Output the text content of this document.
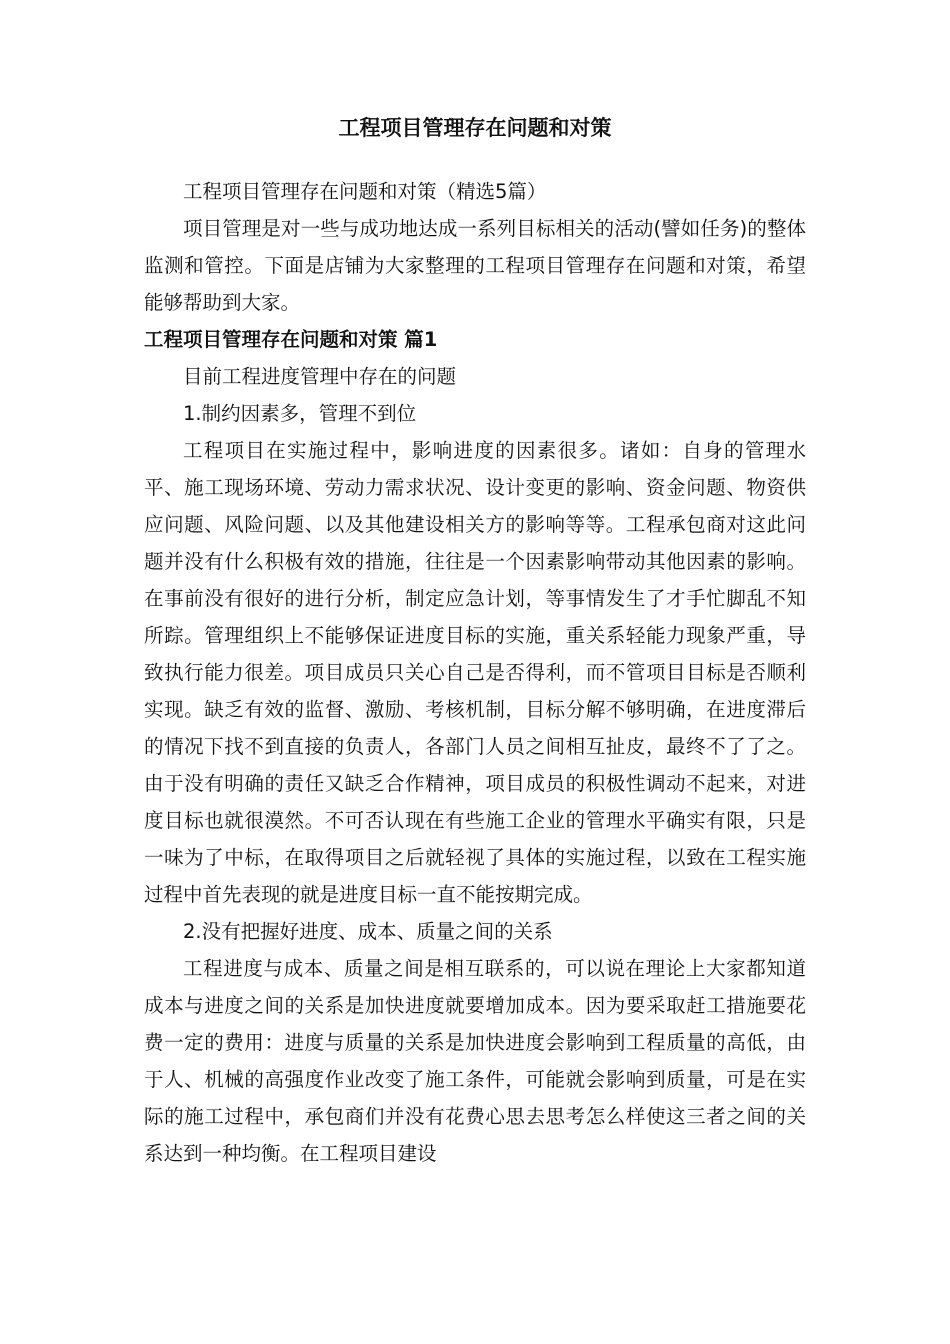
工程项目管理存在问题和对策

工程项目管理存在问题和对策（精选5篇）

项目管理是对一些与成功地达成一系列目标相关的活动(譬如任务)的整体监测和管控。下面是店铺为大家整理的工程项目管理存在问题和对策，希望能够帮助到大家。

工程项目管理存在问题和对策 篇1

目前工程进度管理中存在的问题

1.制约因素多，管理不到位

工程项目在实施过程中，影响进度的因素很多。诸如：自身的管理水平、施工现场环境、劳动力需求状况、设计变更的影响、资金问题、物资供应问题、风险问题、以及其他建设相关方的影响等等。工程承包商对这此问题并没有什么积极有效的措施，往往是一个因素影响带动其他因素的影响。在事前没有很好的进行分析，制定应急计划，等事情发生了才手忙脚乱不知所踪。管理组织上不能够保证进度目标的实施，重关系轻能力现象严重，导致执行能力很差。项目成员只关心自己是否得利，而不管项目目标是否顺利实现。缺乏有效的监督、激励、考核机制，目标分解不够明确，在进度滞后的情况下找不到直接的负责人，各部门人员之间相互扯皮，最终不了了之。由于没有明确的责任又缺乏合作精神，项目成员的积极性调动不起来，对进度目标也就很漠然。不可否认现在有些施工企业的管理水平确实有限，只是一味为了中标，在取得项目之后就轻视了具体的实施过程，以致在工程实施过程中首先表现的就是进度目标一直不能按期完成。

2.没有把握好进度、成本、质量之间的关系

工程进度与成本、质量之间是相互联系的，可以说在理论上大家都知道成本与进度之间的关系是加快进度就要增加成本。因为要采取赶工措施要花费一定的费用：进度与质量的关系是加快进度会影响到工程质量的高低，由于人、机械的高强度作业改变了施工条件，可能就会影响到质量，可是在实际的施工过程中，承包商们并没有花费心思去思考怎么样使这三者之间的关系达到一种均衡。在工程项目建设
